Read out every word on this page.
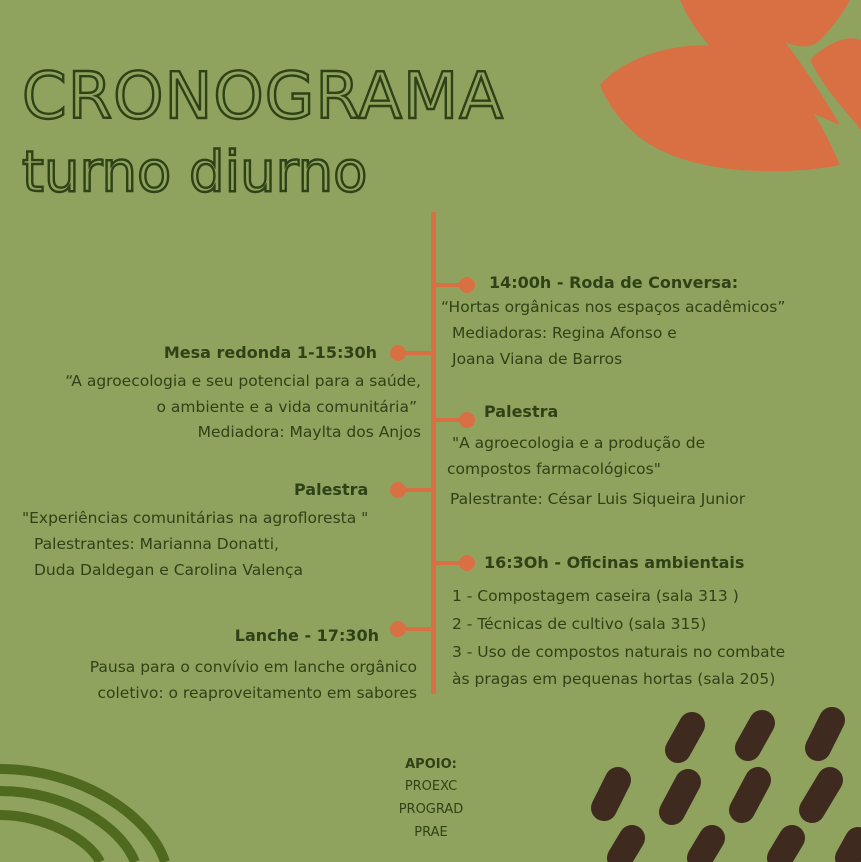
CRONOGRAMA
turno diurno
14:00h - Roda de Conversa:
“Hortas orgânicas nos espaços acadêmicos”
Mediadoras: Regina Afonso e
Joana Viana de Barros
Palestra
"A agroecologia e a produção de
compostos farmacológicos"
Palestrante: César Luis Siqueira Junior
16:3Oh - Oficinas ambientais
1 - Compostagem caseira (sala 313 )
2 - Técnicas de cultivo (sala 315)
3 - Uso de compostos naturais no combate
às pragas em pequenas hortas (sala 205)
Mesa redonda 1-15:30h
“A agroecologia e seu potencial para a saúde,
o ambiente e a vida comunitária”
Mediadora: Maylta dos Anjos
Palestra
"Experiências comunitárias na agrofloresta "
Palestrantes: Marianna Donatti,
Duda Daldegan e Carolina Valença
Lanche - 17:30h
Pausa para o convívio em lanche orgânico
coletivo: o reaproveitamento em sabores
APOIO:
PROEXC
PROGRAD
PRAE
